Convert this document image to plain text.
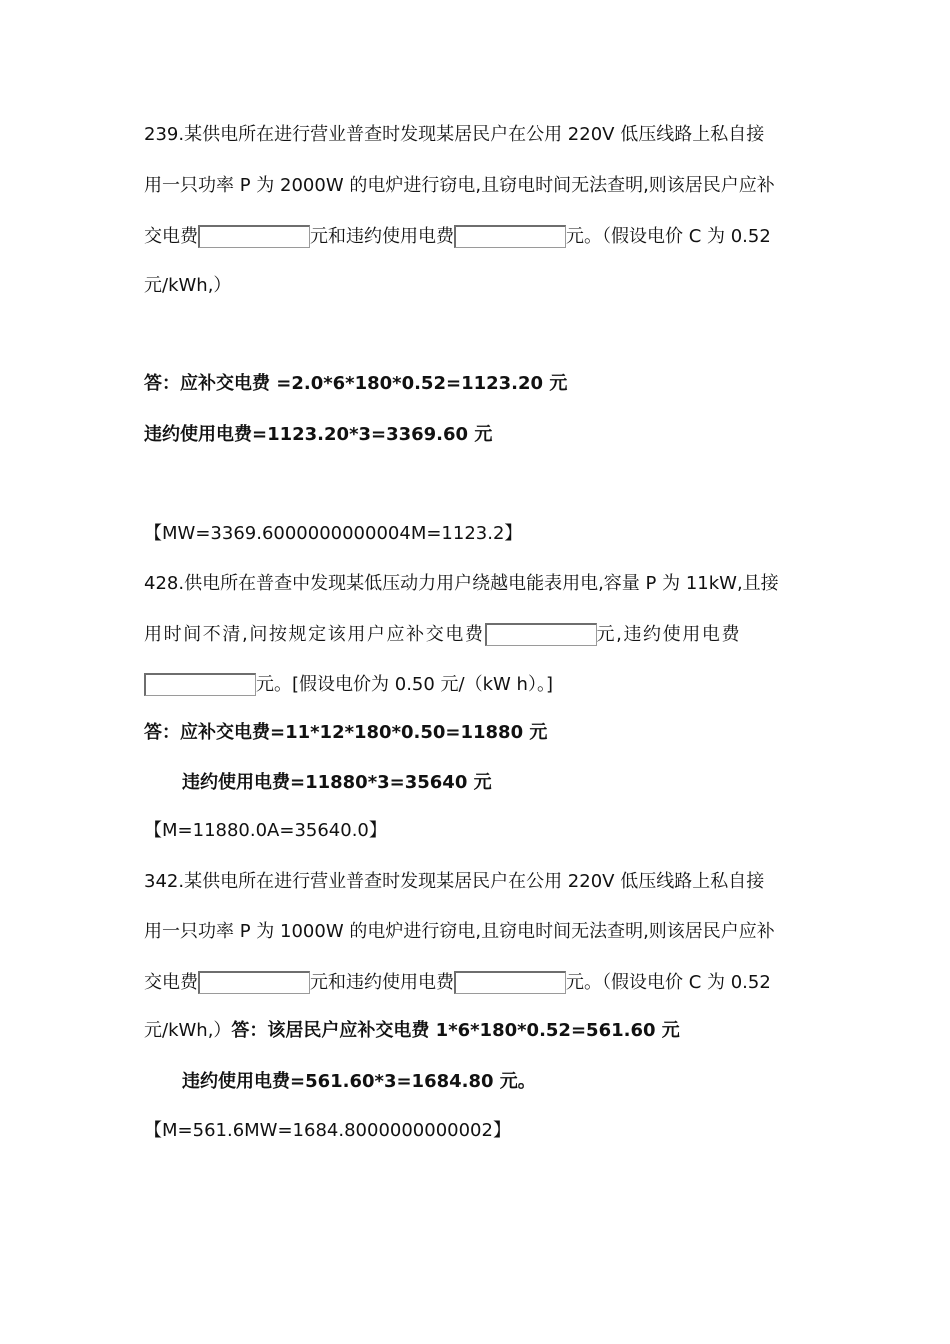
239.某供电所在进行营业普查时发现某居民户在公用 220V 低压线路上私自接
用一只功率 P 为 2000W 的电炉进行窃电,且窃电时间无法查明,则该居民户应补
交电费	元和违约使用电费	元。（假设电价 C 为 0.52
元/kWh,）
答：应补交电费 =2.0*6*180*0.52=1123.20 元
违约使用电费=1123.20*3=3369.60 元
【MW=3369.6000000000004M=1123.2】
428.供电所在普查中发现某低压动力用户绕越电能表用电,容量 P 为 11kW,且接
用时间不清,问按规定该用户应补交电费	元,违约使用电费
元。[假设电价为 0.50 元/（kW h）。]
答：应补交电费=11*12*180*0.50=11880 元
违约使用电费=11880*3=35640 元
【M=11880.0A=35640.0】
342.某供电所在进行营业普查时发现某居民户在公用 220V 低压线路上私自接
用一只功率 P 为 1000W 的电炉进行窃电,且窃电时间无法查明,则该居民户应补
交电费	元和违约使用电费	元。（假设电价 C 为 0.52
元/kWh,）答：该居民户应补交电费 1*6*180*0.52=561.60 元
违约使用电费=561.60*3=1684.80 元。
【M=561.6MW=1684.8000000000002】
